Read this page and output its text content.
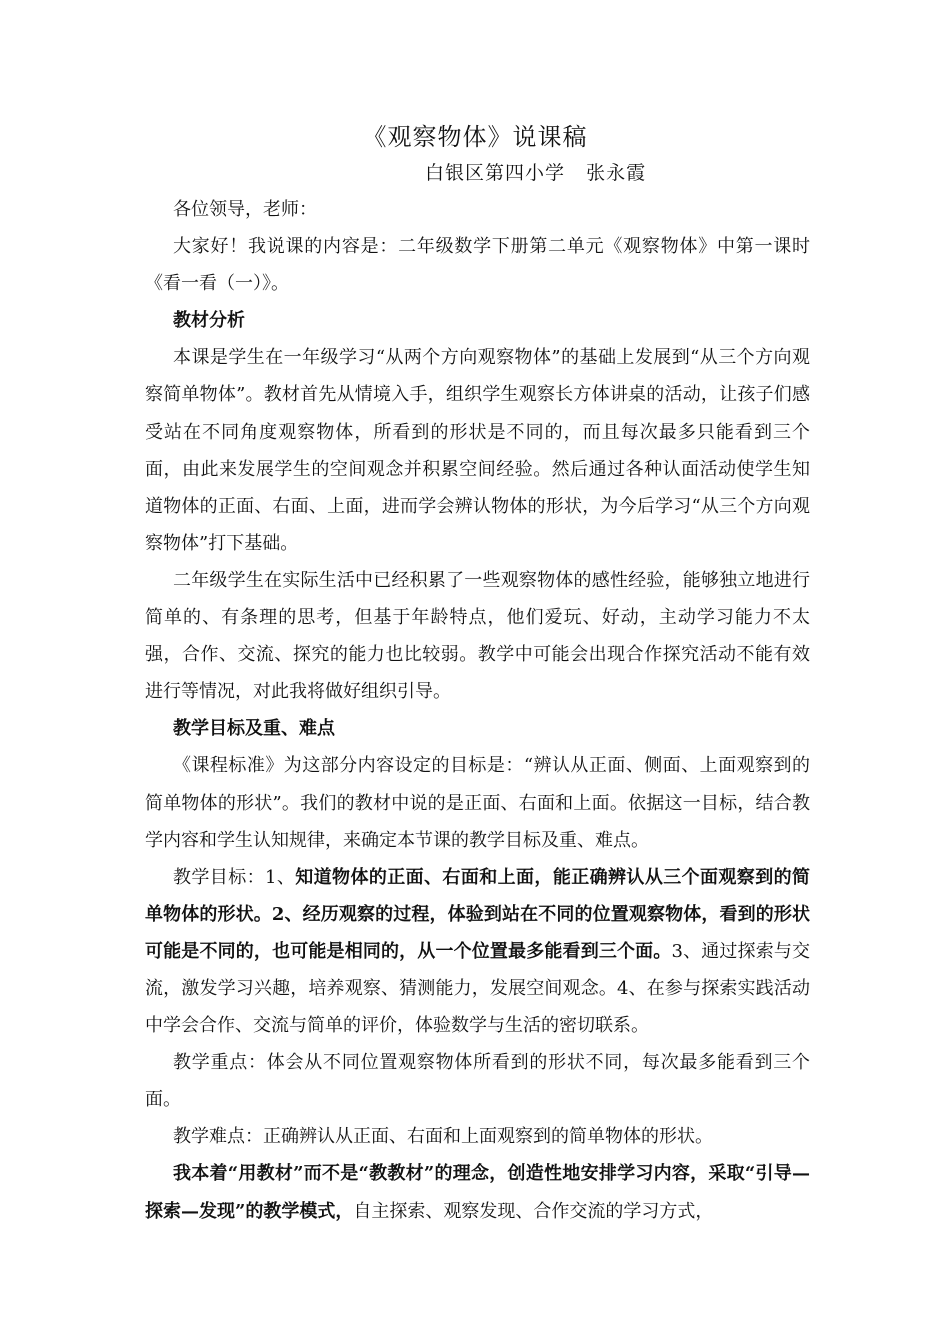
《观察物体》说课稿
白银区第四小学   张永霞

各位领导，老师：

大家好！我说课的内容是：二年级数学下册第二单元《观察物体》中第一课时《看一看（一）》。

教材分析

本课是学生在一年级学习“从两个方向观察物体”的基础上发展到“从三个方向观察简单物体”。教材首先从情境入手，组织学生观察长方体讲桌的活动，让孩子们感受站在不同角度观察物体，所看到的形状是不同的，而且每次最多只能看到三个面，由此来发展学生的空间观念并积累空间经验。然后通过各种认面活动使学生知道物体的正面、右面、上面，进而学会辨认物体的形状，为今后学习“从三个方向观察物体”打下基础。

二年级学生在实际生活中已经积累了一些观察物体的感性经验，能够独立地进行简单的、有条理的思考，但基于年龄特点，他们爱玩、好动，主动学习能力不太强，合作、交流、探究的能力也比较弱。教学中可能会出现合作探究活动不能有效进行等情况，对此我将做好组织引导。

教学目标及重、难点

《课程标准》为这部分内容设定的目标是：“辨认从正面、侧面、上面观察到的简单物体的形状”。我们的教材中说的是正面、右面和上面。依据这一目标，结合教学内容和学生认知规律，来确定本节课的教学目标及重、难点。

教学目标：1、知道物体的正面、右面和上面，能正确辨认从三个面观察到的简单物体的形状。2、经历观察的过程，体验到站在不同的位置观察物体，看到的形状可能是不同的，也可能是相同的，从一个位置最多能看到三个面。3、通过探索与交流，激发学习兴趣，培养观察、猜测能力，发展空间观念。4、在参与探索实践活动中学会合作、交流与简单的评价，体验数学与生活的密切联系。

教学重点：体会从不同位置观察物体所看到的形状不同，每次最多能看到三个面。

教学难点：正确辨认从正面、右面和上面观察到的简单物体的形状。

我本着“用教材”而不是“教教材”的理念，创造性地安排学习内容，采取“引导—探索—发现”的教学模式，自主探索、观察发现、合作交流的学习方式，
